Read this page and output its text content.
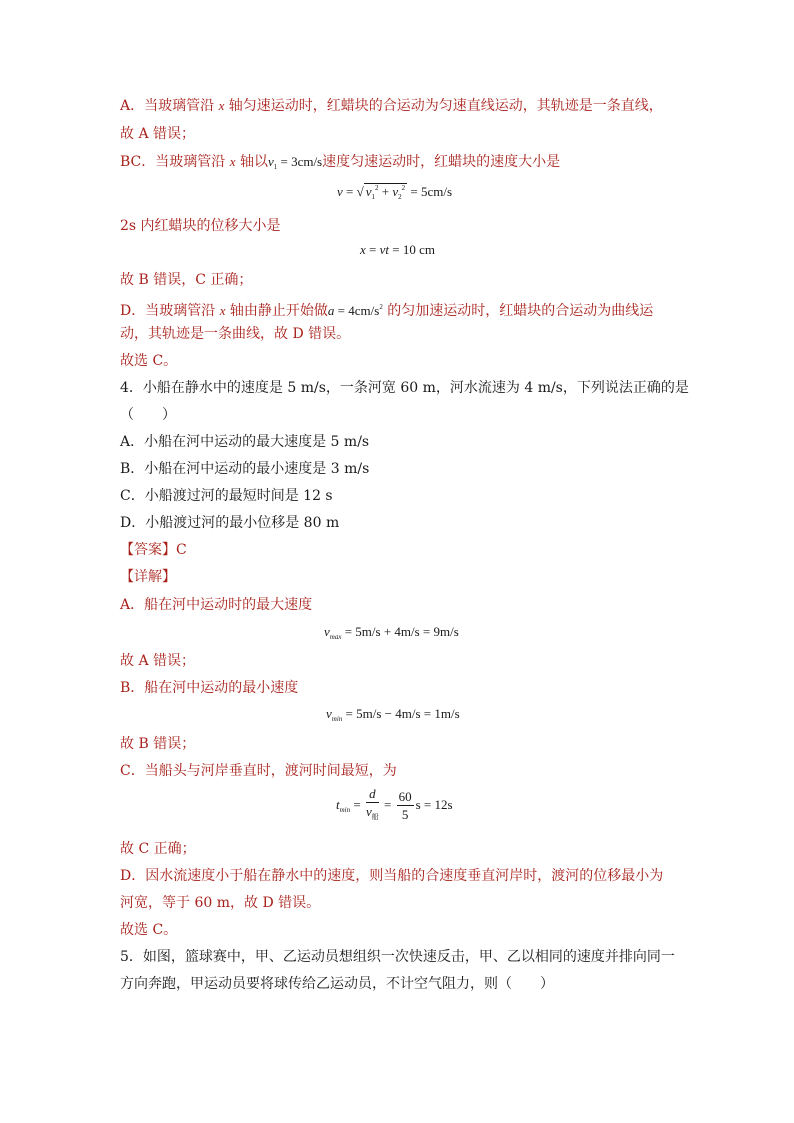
A．当玻璃管沿 x 轴匀速运动时，红蜡块的合运动为匀速直线运动，其轨迹是一条直线，
故 A 错误；
BC．当玻璃管沿 x 轴以$v_1 = 3cm/s$速度匀速运动时，红蜡块的速度大小是
v = √ $v_1^2 + v_2^2 = 5cm/s$
2s 内红蜡块的位移大小是
x = vt = 10 cm
故 B 错误，C 正确；
D．当玻璃管沿 x 轴由静止开始做$a = 4cm/s^2$ 的匀加速运动时，红蜡块的合运动为曲线运
动，其轨迹是一条曲线，故 D 错误。
故选 C。
4．小船在静水中的速度是 5 m/s，一条河宽 60 m，河水流速为 4 m/s，下列说法正确的是
（　　）
A．小船在河中运动的最大速度是 5 m/s
B．小船在河中运动的最小速度是 3 m/s
C．小船渡过河的最短时间是 12 s
D．小船渡过河的最小位移是 80 m
【答案】C
【详解】
A．船在河中运动时的最大速度
$v_{max} = 5m/s + 4m/s = 9m/s$
故 A 错误；
B．船在河中运动的最小速度
$v_{min} = 5m/s - 4m/s = 1m/s$
故 B 错误；
C．当船头与河岸垂直时，渡河时间最短，为
$t_{min} = \frac{d}{v_船} = \frac{60}{5}$ s = 12s
故 C 正确；
D．因水流速度小于船在静水中的速度，则当船的合速度垂直河岸时，渡河的位移最小为
河宽，等于 60 m，故 D 错误。
故选 C。
5．如图，篮球赛中，甲、乙运动员想组织一次快速反击，甲、乙以相同的速度并排向同一
方向奔跑，甲运动员要将球传给乙运动员，不计空气阻力，则（　　）
